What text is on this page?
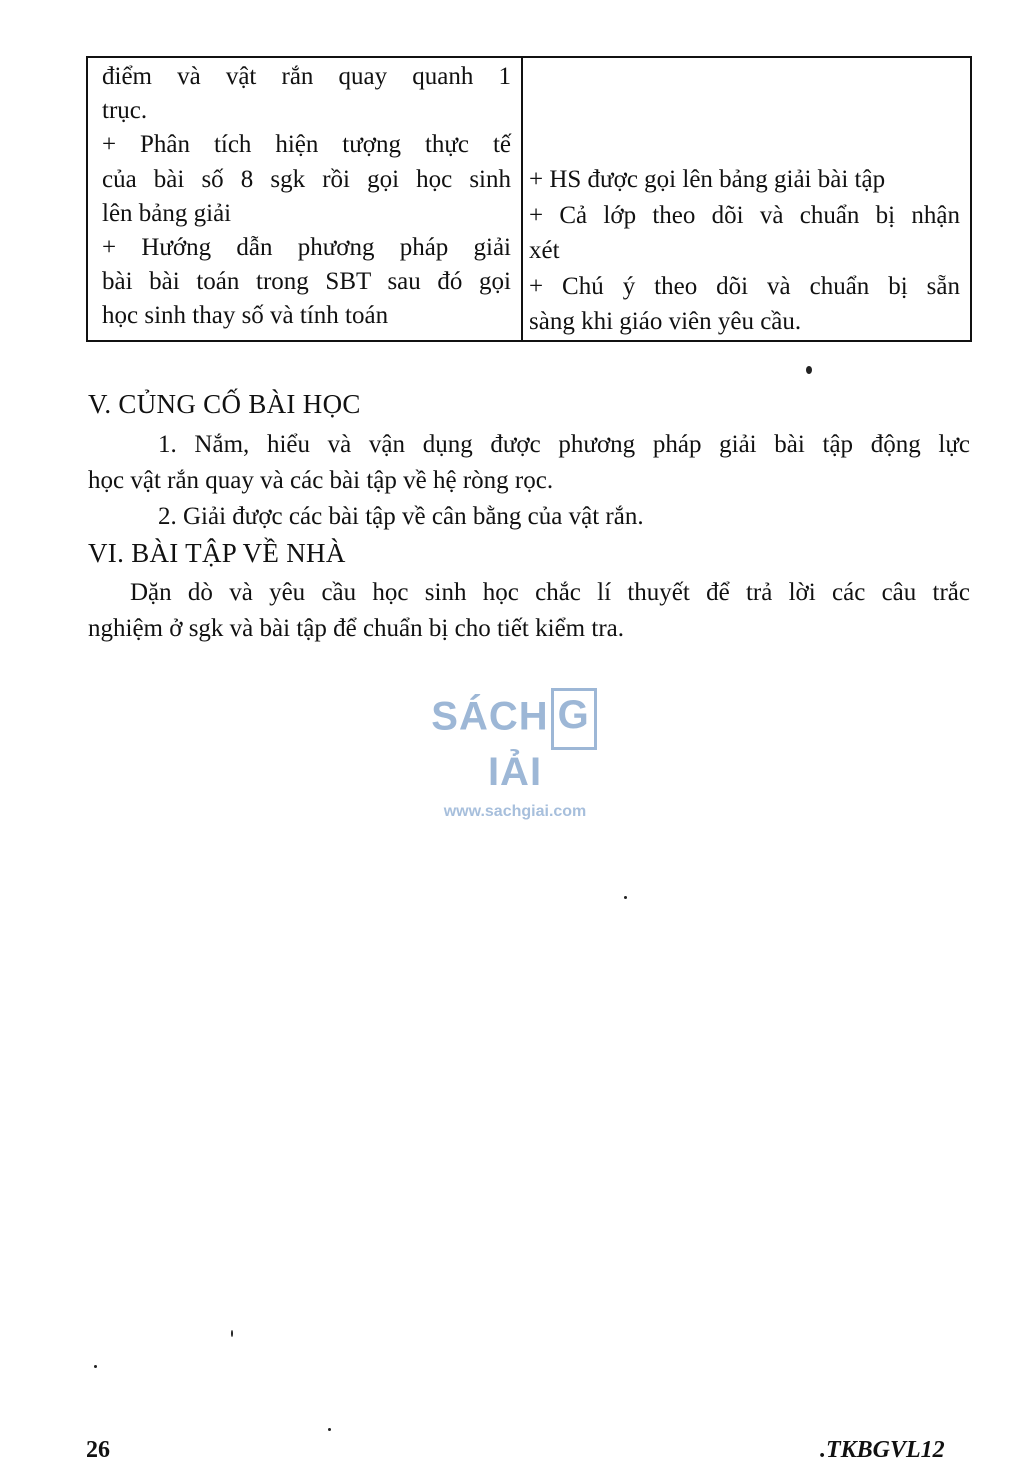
điểm và vật rắn quay quanh 1
trục.
+ Phân tích hiện tượng thực tế
của bài số 8 sgk rồi gọi học sinh
lên bảng giải
+ Hướng dẫn phương pháp giải
bài bài toán trong SBT sau đó gọi
học sinh thay số và tính toán
+ HS được gọi lên bảng giải bài tập
+ Cả lớp theo dõi và chuẩn bị nhận
xét
+ Chú ý theo dõi và chuẩn bị sẵn
sàng khi giáo viên yêu cầu.
V. CỦNG CỐ BÀI HỌC
1. Nắm, hiểu và vận dụng được phương pháp giải bài tập động lực
học vật rắn quay và các bài tập về hệ ròng rọc.
2. Giải được các bài tập về cân bằng của vật rắn.
VI. BÀI TẬP VỀ NHÀ
Dặn dò và yêu cầu học sinh học chắc lí thuyết để trả lời các câu trắc
nghiệm ở sgk và bài tập để chuẩn bị cho tiết kiểm tra.
SÁCH GIẢI
www.sachgiai.com
26	.TKBGVL12
